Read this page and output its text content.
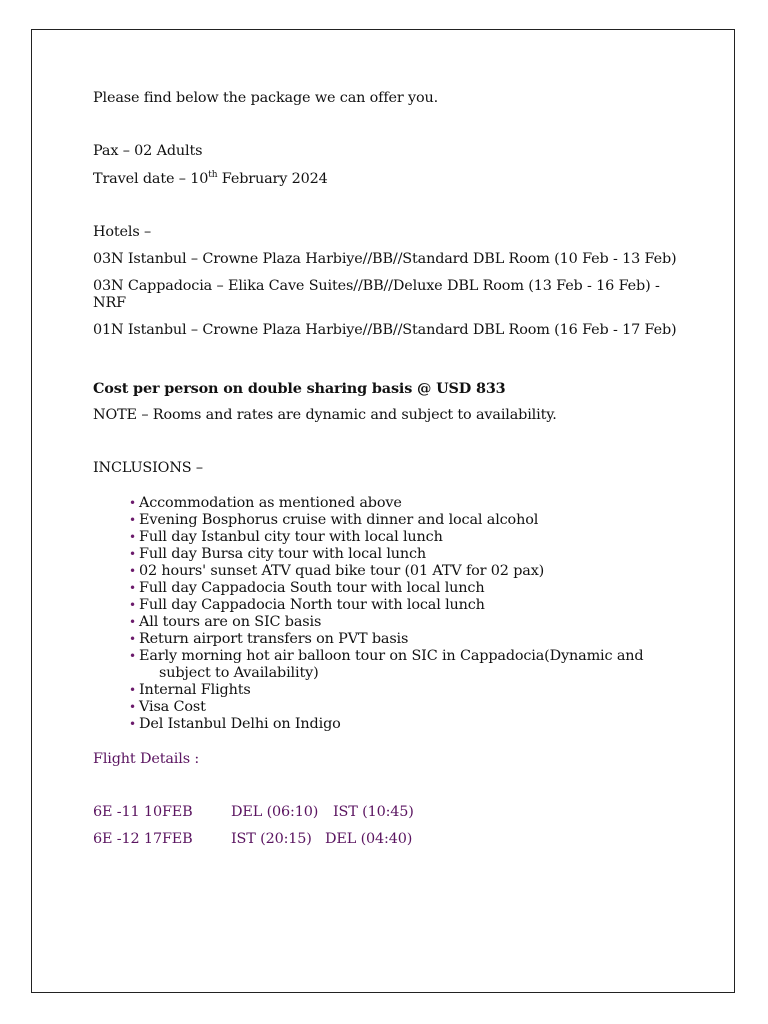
Please find below the package we can offer you.

Pax – 02 Adults

Travel date – 10th February 2024

Hotels –

03N Istanbul – Crowne Plaza Harbiye//BB//Standard DBL Room (10 Feb - 13 Feb)

03N Cappadocia – Elika Cave Suites//BB//Deluxe DBL Room (13 Feb - 16 Feb) - NRF

01N Istanbul – Crowne Plaza Harbiye//BB//Standard DBL Room (16 Feb - 17 Feb)

Cost per person on double sharing basis @ USD 833

NOTE – Rooms and rates are dynamic and subject to availability.

INCLUSIONS –

• Accommodation as mentioned above
• Evening Bosphorus cruise with dinner and local alcohol
• Full day Istanbul city tour with local lunch
• Full day Bursa city tour with local lunch
• 02 hours' sunset ATV quad bike tour (01 ATV for 02 pax)
• Full day Cappadocia South tour with local lunch
• Full day Cappadocia North tour with local lunch
• All tours are on SIC basis
• Return airport transfers on PVT basis
• Early morning hot air balloon tour on SIC in Cappadocia(Dynamic and subject to Availability)
• Internal Flights
• Visa Cost
• Del Istanbul Delhi on Indigo

Flight Details :

6E -11 10FEB	DEL (06:10) IST (10:45)
6E -12 17FEB	IST (20:15) DEL (04:40)
